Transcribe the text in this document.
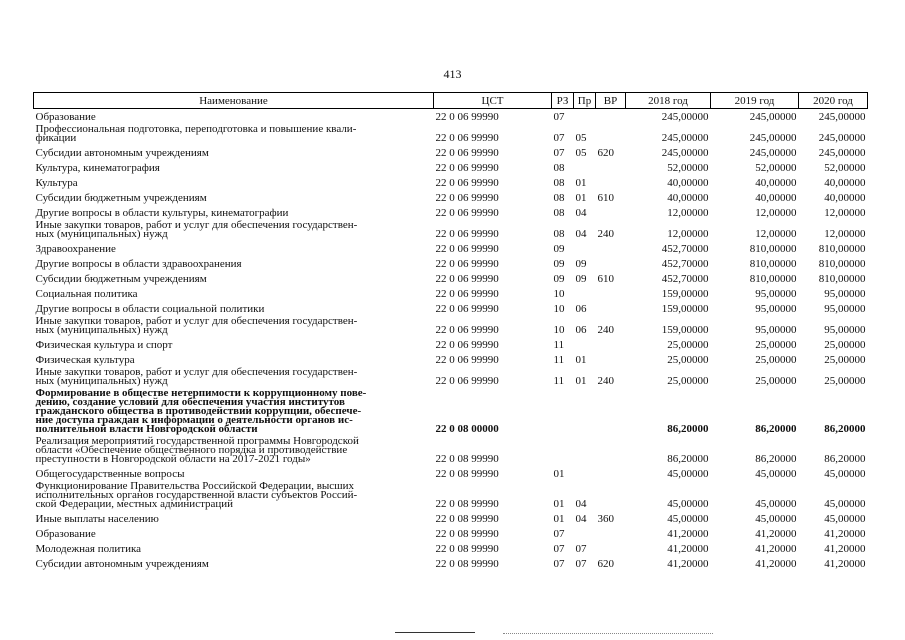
413
Наименование	ЦСТ	РЗ	Пр	ВР	2018 год	2019 год	2020 год

Образование	22 0 06 99990	07			245,00000	245,00000	245,00000

Профессиональная подготовка, переподготовка и повышение квали-
фикации	22 0 06 99990	07	05		245,00000	245,00000	245,00000

Субсидии автономным учреждениям	22 0 06 99990	07	05	620	245,00000	245,00000	245,00000

Культура, кинематография	22 0 06 99990	08			52,00000	52,00000	52,00000

Культура	22 0 06 99990	08	01		40,00000	40,00000	40,00000

Субсидии бюджетным учреждениям	22 0 06 99990	08	01	610	40,00000	40,00000	40,00000

Другие вопросы в области культуры, кинематографии	22 0 06 99990	08	04		12,00000	12,00000	12,00000

Иные закупки товаров, работ и услуг для обеспечения государствен-
ных (муниципальных) нужд	22 0 06 99990	08	04	240	12,00000	12,00000	12,00000

Здравоохранение	22 0 06 99990	09			452,70000	810,00000	810,00000

Другие вопросы в области здравоохранения	22 0 06 99990	09	09		452,70000	810,00000	810,00000

Субсидии бюджетным учреждениям	22 0 06 99990	09	09	610	452,70000	810,00000	810,00000

Социальная политика	22 0 06 99990	10			159,00000	95,00000	95,00000

Другие вопросы в области социальной политики	22 0 06 99990	10	06		159,00000	95,00000	95,00000

Иные закупки товаров, работ и услуг для обеспечения государствен-
ных (муниципальных) нужд	22 0 06 99990	10	06	240	159,00000	95,00000	95,00000

Физическая культура и спорт	22 0 06 99990	11			25,00000	25,00000	25,00000

Физическая культура	22 0 06 99990	11	01		25,00000	25,00000	25,00000

Иные закупки товаров, работ и услуг для обеспечения государствен-
ных (муниципальных) нужд	22 0 06 99990	11	01	240	25,00000	25,00000	25,00000

Формирование в обществе нетерпимости к коррупционному пове-
дению, создание условий для обеспечения участия институтов
гражданского общества в противодействии коррупции, обеспече-
ние доступа граждан к информации о деятельности органов ис-
полнительной власти Новгородской области	22 0 08 00000				86,20000	86,20000	86,20000

Реализация мероприятий государственной программы Новгородской
области «Обеспечение общественного порядка и противодействие
преступности в Новгородской области на 2017-2021 годы»	22 0 08 99990				86,20000	86,20000	86,20000

Общегосударственные вопросы	22 0 08 99990	01			45,00000	45,00000	45,00000

Функционирование Правительства Российской Федерации, высших
исполнительных органов государственной власти субъектов Россий-
ской Федерации, местных администраций	22 0 08 99990	01	04		45,00000	45,00000	45,00000

Иные выплаты населению	22 0 08 99990	01	04	360	45,00000	45,00000	45,00000

Образование	22 0 08 99990	07			41,20000	41,20000	41,20000

Молодежная политика	22 0 08 99990	07	07		41,20000	41,20000	41,20000

Субсидии автономным учреждениям	22 0 08 99990	07	07	620	41,20000	41,20000	41,20000
